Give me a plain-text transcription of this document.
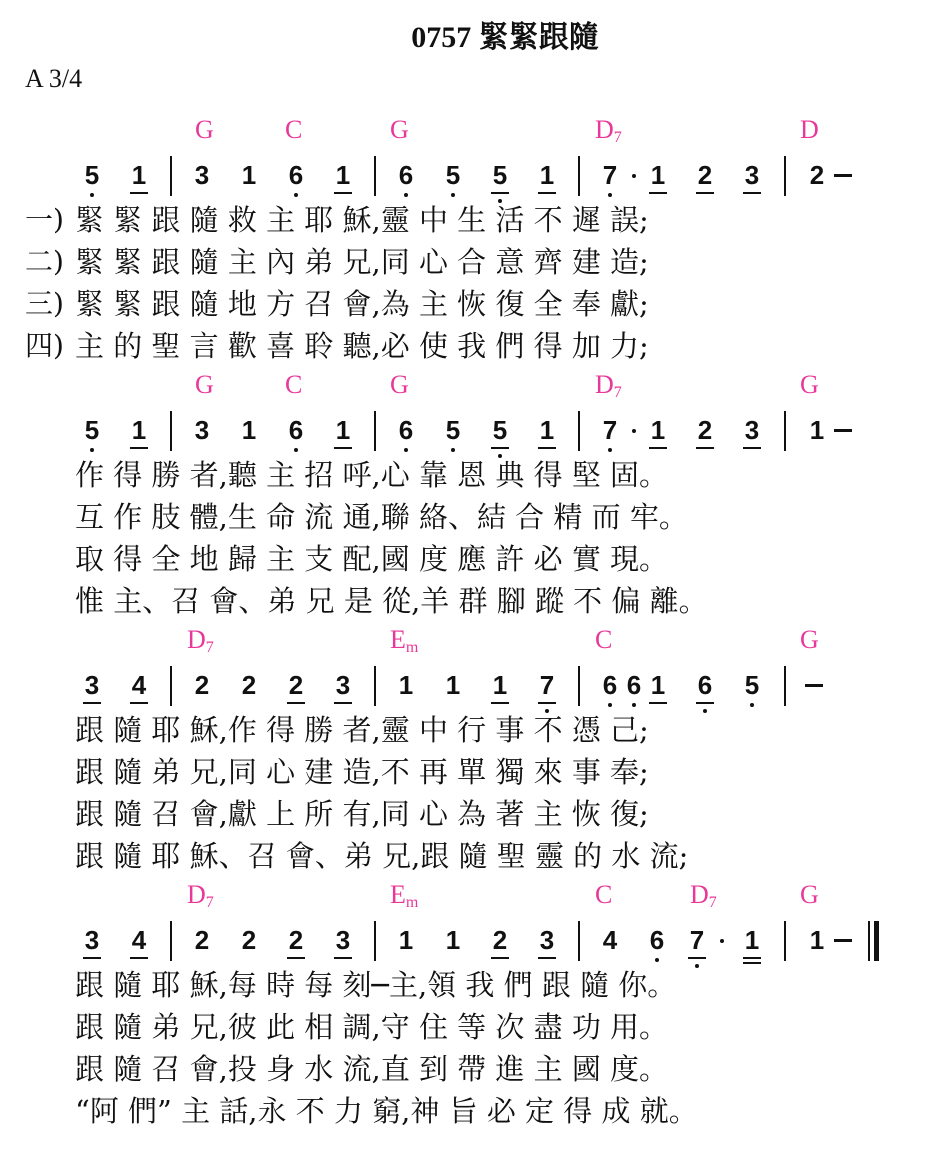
0757 緊緊跟隨
A 3/4
G	C	G	$D_7$	D
5 1 3 1 6 1 6 5 5 1 7 1 2 3 2
一) 緊 緊 跟 隨 救 主 耶 穌,靈 中 生 活 不 遲 誤;
二) 緊 緊 跟 隨 主 內 弟 兄,同 心 合 意 齊 建 造;
三) 緊 緊 跟 隨 地 方 召 會,為 主 恢 復 全 奉 獻;
四) 主 的 聖 言 歡 喜 聆 聽,必 使 我 們 得 加 力;
G	C	G	$D_7$	G
5 1 3 1 6 1 6 5 5 1 7 1 2 3 1
作 得 勝 者,聽 主 招 呼,心 靠 恩 典 得 堅 固。
互 作 肢 體,生 命 流 通,聯 絡、結 合 精 而 牢。
取 得 全 地 歸 主 支 配,國 度 應 許 必 實 現。
惟 主、召 會、弟 兄 是 從,羊 群 腳 蹤 不 偏 離。
$D_7$	$E_m$	C	G
3 4 2 2 2 3 1 1 1 7 6 6 1 6 5
跟 隨 耶 穌,作 得 勝 者,靈 中 行 事 不 憑 己;
跟 隨 弟 兄,同 心 建 造,不 再 單 獨 來 事 奉;
跟 隨 召 會,獻 上 所 有,同 心 為 著 主 恢 復;
跟 隨 耶 穌、召 會、弟 兄,跟 隨 聖 靈 的 水 流;
$D_7$	$E_m$	C	$D_7$	G
3 4 2 2 2 3 1 1 2 3 4 6 7 1 1
跟 隨 耶 穌,每 時 每 刻─主,領 我 們 跟 隨 你。
跟 隨 弟 兄,彼 此 相 調,守 住 等 次 盡 功 用。
跟 隨 召 會,投 身 水 流,直 到 帶 進 主 國 度。
“阿 們” 主 話,永 不 力 窮,神 旨 必 定 得 成 就。
